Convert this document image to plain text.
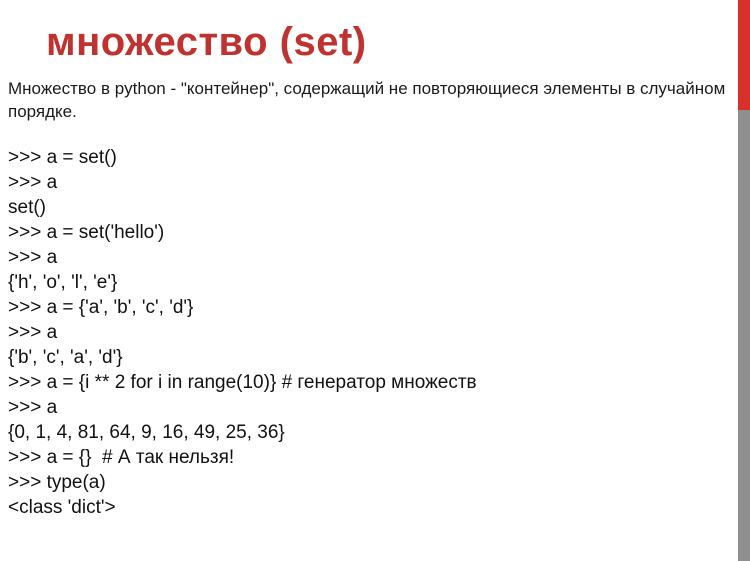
множество (set)
Множество в python - "контейнер", содержащий не повторяющиеся элементы в случайном порядке.
>>> a = set()
>>> a
set()
>>> a = set('hello')
>>> a
{'h', 'o', 'l', 'e'}
>>> a = {'a', 'b', 'c', 'd'}
>>> a
{'b', 'c', 'a', 'd'}
>>> a = {i ** 2 for i in range(10)} # генератор множеств
>>> a
{0, 1, 4, 81, 64, 9, 16, 49, 25, 36}
>>> a = {}  # А так нельзя!
>>> type(a)
<class 'dict'>
